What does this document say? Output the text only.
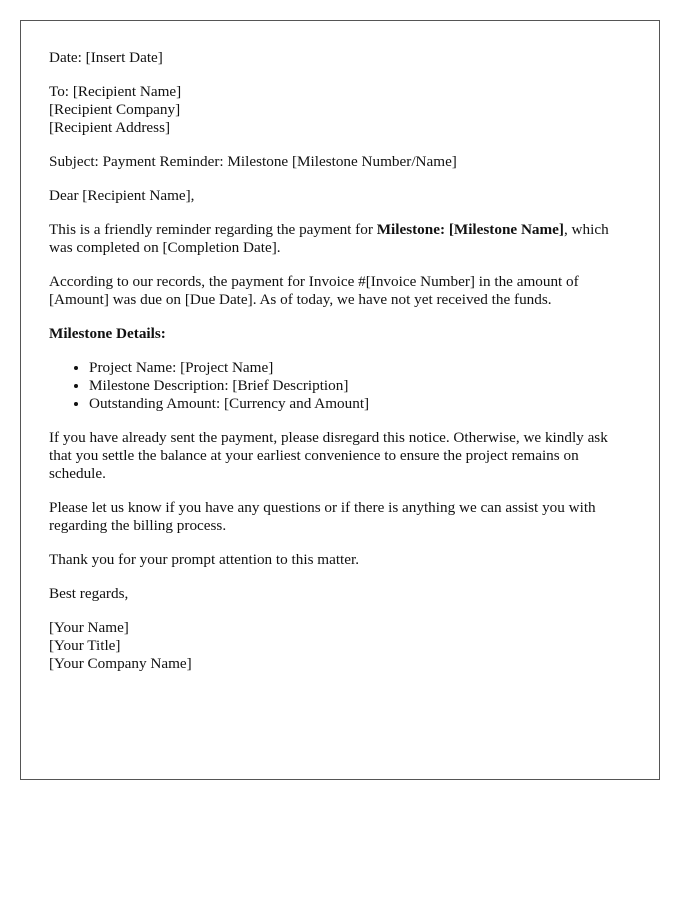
Date: [Insert Date]
To: [Recipient Name]
[Recipient Company]
[Recipient Address]
Subject: Payment Reminder: Milestone [Milestone Number/Name]
Dear [Recipient Name],

This is a friendly reminder regarding the payment for Milestone: [Milestone Name], which was completed on [Completion Date].

According to our records, the payment for Invoice #[Invoice Number] in the amount of [Amount] was due on [Due Date]. As of today, we have not yet received the funds.

Milestone Details:

• Project Name: [Project Name]
• Milestone Description: [Brief Description]
• Outstanding Amount: [Currency and Amount]

If you have already sent the payment, please disregard this notice. Otherwise, we kindly ask that you settle the balance at your earliest convenience to ensure the project remains on schedule.

Please let us know if you have any questions or if there is anything we can assist you with regarding the billing process.

Thank you for your prompt attention to this matter.

Best regards,
[Your Name]
[Your Title]
[Your Company Name]
